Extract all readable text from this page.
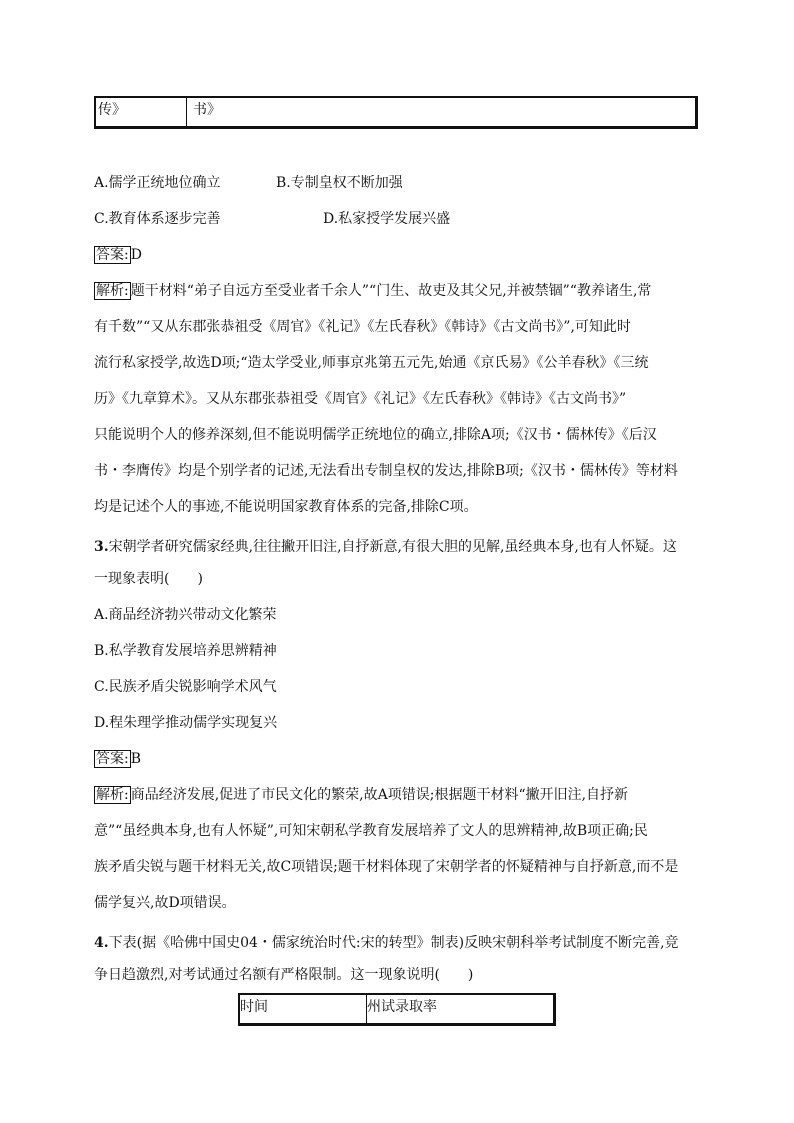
传》	书》
A.儒学正统地位确立	B.专制皇权不断加强
C.教育体系逐步完善	D.私家授学发展兴盛
答案: D
解析: 题干材料“弟子自远方至受业者千余人”“门生、故吏及其父兄,并被禁锢”“教养诸生,常
有千数”“又从东郡张恭祖受《周官》《礼记》《左氏春秋》《韩诗》《古文尚书》”,可知此时
流行私家授学,故选D项;“造太学受业,师事京兆第五元先,始通《京氏易》《公羊春秋》《三统
历》《九章算术》。又从东郡张恭祖受《周官》《礼记》《左氏春秋》《韩诗》《古文尚书》”
只能说明个人的修养深刻,但不能说明儒学正统地位的确立,排除A项;《汉书・儒林传》《后汉
书・李膺传》均是个别学者的记述,无法看出专制皇权的发达,排除B项;《汉书・儒林传》等材料
均是记述个人的事迹,不能说明国家教育体系的完备,排除C项。
3.宋朝学者研究儒家经典,往往撇开旧注,自抒新意,有很大胆的见解,虽经典本身,也有人怀疑。这
一现象表明(　　)
A.商品经济勃兴带动文化繁荣
B.私学教育发展培养思辨精神
C.民族矛盾尖锐影响学术风气
D.程朱理学推动儒学实现复兴
答案: B
解析: 商品经济发展,促进了市民文化的繁荣,故A项错误;根据题干材料“撇开旧注,自抒新
意”“虽经典本身,也有人怀疑”,可知宋朝私学教育发展培养了文人的思辨精神,故B项正确;民
族矛盾尖锐与题干材料无关,故C项错误;题干材料体现了宋朝学者的怀疑精神与自抒新意,而不是
儒学复兴,故D项错误。
4.下表(据《哈佛中国史04・儒家统治时代:宋的转型》制表)反映宋朝科举考试制度不断完善,竞
争日趋激烈,对考试通过名额有严格限制。这一现象说明(　　)
时间	州试录取率
